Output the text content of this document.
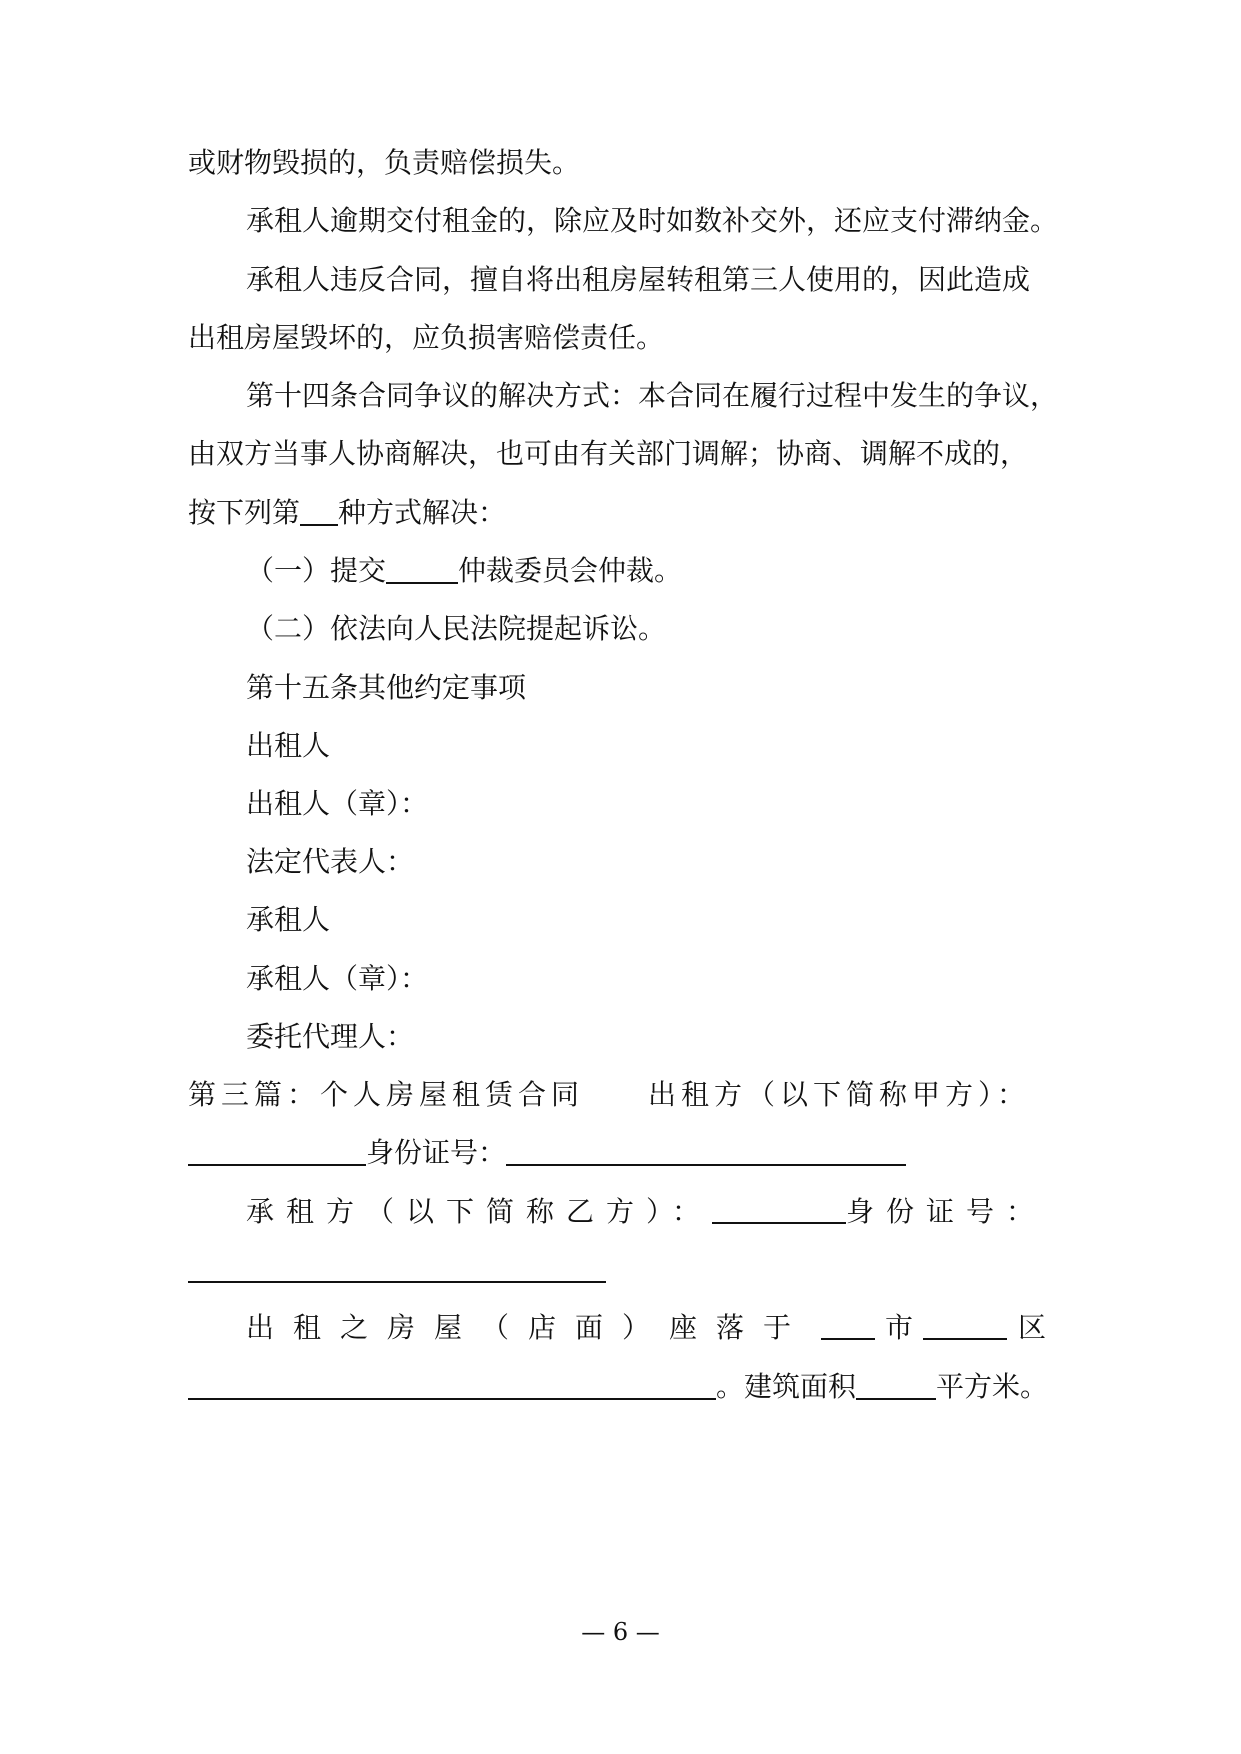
或财物毁损的，负责赔偿损失。
承租人逾期交付租金的，除应及时如数补交外，还应支付滞纳金。
承租人违反合同，擅自将出租房屋转租第三人使用的，因此造成
出租房屋毁坏的，应负损害赔偿责任。
第十四条合同争议的解决方式：本合同在履行过程中发生的争议，
由双方当事人协商解决，也可由有关部门调解；协商、调解不成的，
按下列第 种方式解决：
（一）提交	仲裁委员会仲裁。
（二）依法向人民法院提起诉讼。
第十五条其他约定事项
出租人
出租人（章）：
法定代表人：
承租人
承租人（章）：
委托代理人：
第三篇：个人房屋租赁合同 出租方（以下简称甲方）：
身份证号：
承租方（以下简称乙方）：	身份证号：
出租之房屋（店面）座落于	市	区
。建筑面积	平方米。
— 6 —
